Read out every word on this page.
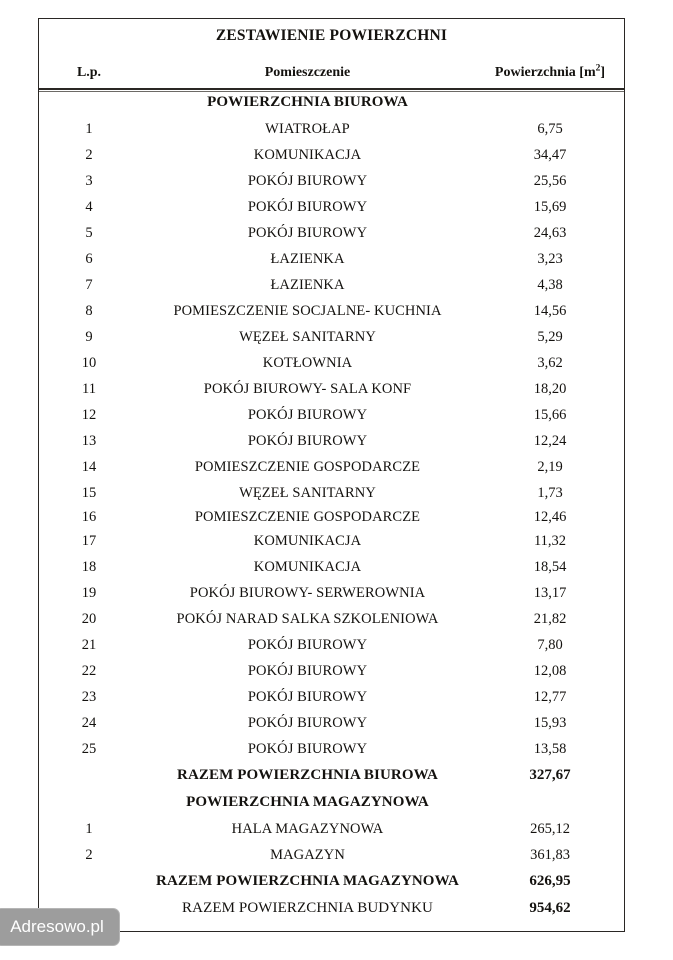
ZESTAWIENIE POWIERZCHNI
L.p.	Pomieszczenie	Powierzchnia $[m^2]$
POWIERZCHNIA BIUROWA
1	WIATROŁAP	6,75
2	KOMUNIKACJA	34,47
3	POKÓJ BIUROWY	25,56
4	POKÓJ BIUROWY	15,69
5	POKÓJ BIUROWY	24,63
6	ŁAZIENKA	3,23
7	ŁAZIENKA	4,38
8	POMIESZCZENIE SOCJALNE- KUCHNIA	14,56
9	WĘZEŁ SANITARNY	5,29
10	KOTŁOWNIA	3,62
11	POKÓJ BIUROWY- SALA KONF	18,20
12	POKÓJ BIUROWY	15,66
13	POKÓJ BIUROWY	12,24
14	POMIESZCZENIE GOSPODARCZE	2,19
15	WĘZEŁ SANITARNY	1,73
16	POMIESZCZENIE GOSPODARCZE	12,46
17	KOMUNIKACJA	11,32
18	KOMUNIKACJA	18,54
19	POKÓJ BIUROWY- SERWEROWNIA	13,17
20	POKÓJ NARAD SALKA SZKOLENIOWA	21,82
21	POKÓJ BIUROWY	7,80
22	POKÓJ BIUROWY	12,08
23	POKÓJ BIUROWY	12,77
24	POKÓJ BIUROWY	15,93
25	POKÓJ BIUROWY	13,58
RAZEM POWIERZCHNIA BIUROWA	327,67
POWIERZCHNIA MAGAZYNOWA
1	HALA MAGAZYNOWA	265,12
2	MAGAZYN	361,83
RAZEM POWIERZCHNIA MAGAZYNOWA	626,95
RAZEM POWIERZCHNIA BUDYNKU	954,62
Adresowo.pl
